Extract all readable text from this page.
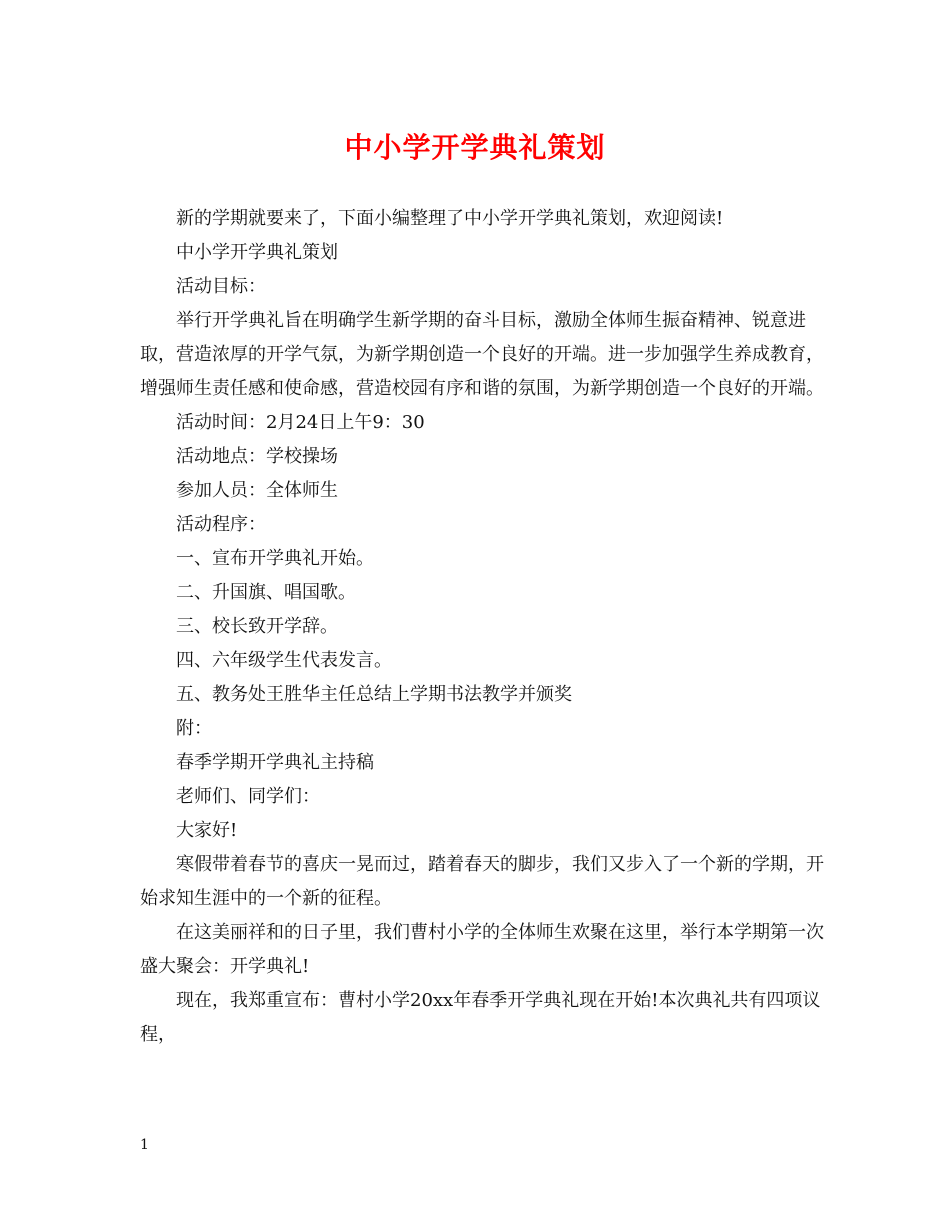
中小学开学典礼策划

新的学期就要来了，下面小编整理了中小学开学典礼策划，欢迎阅读!

中小学开学典礼策划

活动目标：

举行开学典礼旨在明确学生新学期的奋斗目标，激励全体师生振奋精神、锐意进取，营造浓厚的开学气氛，为新学期创造一个良好的开端。进一步加强学生养成教育，增强师生责任感和使命感，营造校园有序和谐的氛围，为新学期创造一个良好的开端。

活动时间：2月24日上午9：30

活动地点：学校操场

参加人员：全体师生

活动程序：

一、宣布开学典礼开始。

二、升国旗、唱国歌。

三、校长致开学辞。

四、六年级学生代表发言。

五、教务处王胜华主任总结上学期书法教学并颁奖

附：

春季学期开学典礼主持稿

老师们、同学们：

大家好!

寒假带着春节的喜庆一晃而过，踏着春天的脚步，我们又步入了一个新的学期，开始求知生涯中的一个新的征程。

在这美丽祥和的日子里，我们曹村小学的全体师生欢聚在这里，举行本学期第一次盛大聚会：开学典礼!

现在，我郑重宣布：曹村小学20xx年春季开学典礼现在开始!本次典礼共有四项议程，

1
